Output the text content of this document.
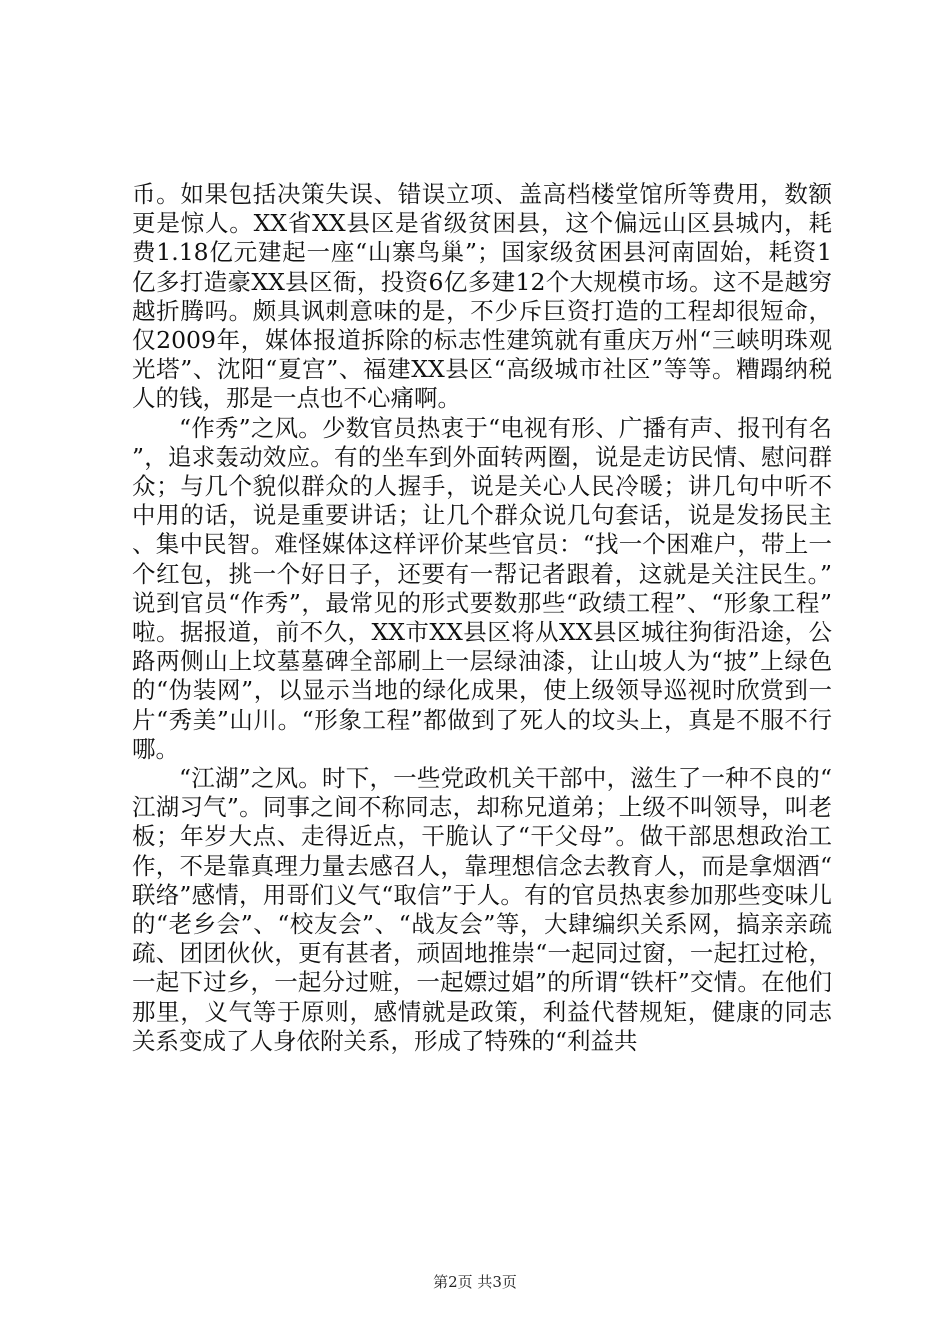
币。如果包括决策失误、错误立项、盖高档楼堂馆所等费用，数额更是惊人。XX省XX县区是省级贫困县，这个偏远山区县城内，耗费1.18亿元建起一座“山寨鸟巢”；国家级贫困县河南固始，耗资1亿多打造豪XX县区衙，投资6亿多建12个大规模市场。这不是越穷越折腾吗。颇具讽刺意味的是，不少斥巨资打造的工程却很短命，仅2009年，媒体报道拆除的标志性建筑就有重庆万州“三峡明珠观光塔”、沈阳“夏宫”、福建XX县区“高级城市社区”等等。糟蹋纳税人的钱，那是一点也不心痛啊。

“作秀”之风。少数官员热衷于“电视有形、广播有声、报刊有名”，追求轰动效应。有的坐车到外面转两圈，说是走访民情、慰问群众；与几个貌似群众的人握手，说是关心人民冷暖；讲几句中听不中用的话，说是重要讲话；让几个群众说几句套话，说是发扬民主、集中民智。难怪媒体这样评价某些官员：“找一个困难户，带上一个红包，挑一个好日子，还要有一帮记者跟着，这就是关注民生。”说到官员“作秀”，最常见的形式要数那些“政绩工程”、“形象工程”啦。据报道，前不久，XX市XX县区将从XX县区城往狗街沿途，公路两侧山上坟墓墓碑全部刷上一层绿油漆，让山坡人为“披”上绿色的“伪装网”，以显示当地的绿化成果，使上级领导巡视时欣赏到一片“秀美”山川。“形象工程”都做到了死人的坟头上，真是不服不行哪。

“江湖”之风。时下，一些党政机关干部中，滋生了一种不良的“江湖习气”。同事之间不称同志，却称兄道弟；上级不叫领导，叫老板；年岁大点、走得近点，干脆认了“干父母”。做干部思想政治工作，不是靠真理力量去感召人，靠理想信念去教育人，而是拿烟酒“联络”感情，用哥们义气“取信”于人。有的官员热衷参加那些变味儿的“老乡会”、“校友会”、“战友会”等，大肆编织关系网，搞亲亲疏疏、团团伙伙，更有甚者，顽固地推崇“一起同过窗，一起扛过枪，一起下过乡，一起分过赃，一起嫖过娼”的所谓“铁杆”交情。在他们那里，义气等于原则，感情就是政策，利益代替规矩，健康的同志关系变成了人身依附关系，形成了特殊的“利益共

第2页 共3页
